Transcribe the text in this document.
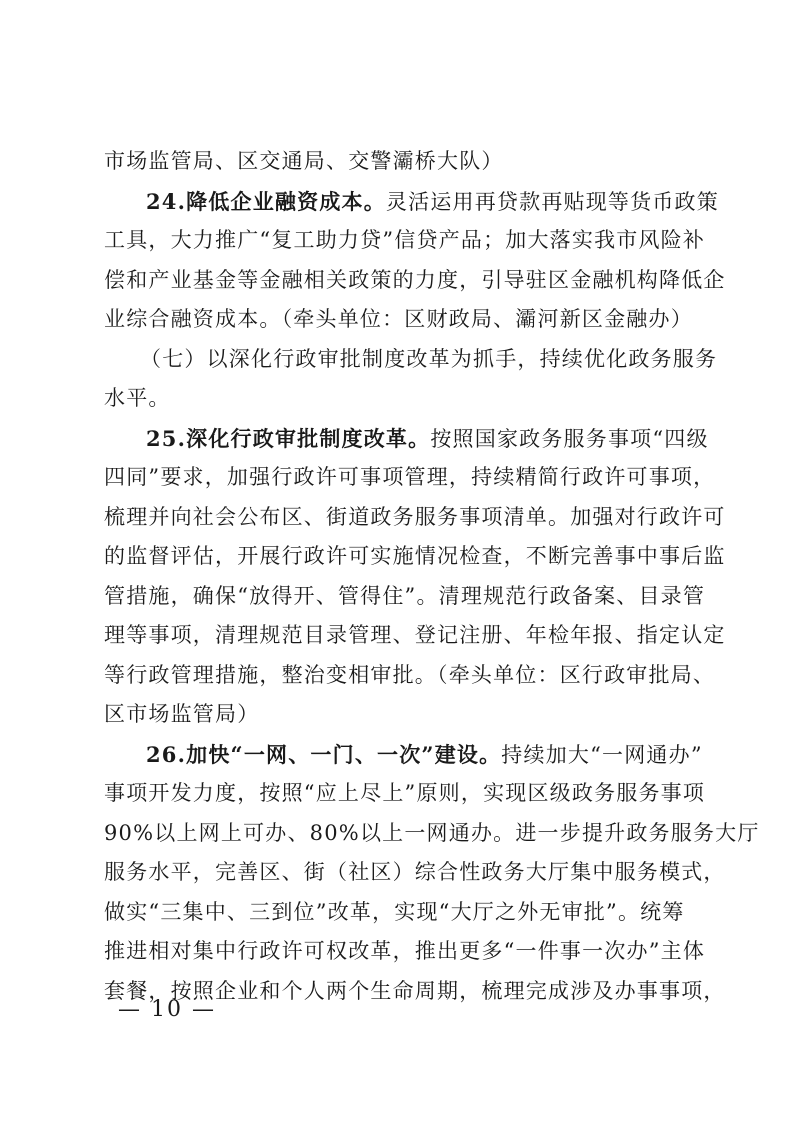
市场监管局、区交通局、交警灞桥大队）
24.降低企业融资成本。灵活运用再贷款再贴现等货币政策
工具，大力推广“复工助力贷”信贷产品；加大落实我市风险补
偿和产业基金等金融相关政策的力度，引导驻区金融机构降低企
业综合融资成本。（牵头单位：区财政局、灞河新区金融办）
（七）以深化行政审批制度改革为抓手，持续优化政务服务
水平。
25.深化行政审批制度改革。按照国家政务服务事项“四级
四同”要求，加强行政许可事项管理，持续精简行政许可事项，
梳理并向社会公布区、街道政务服务事项清单。加强对行政许可
的监督评估，开展行政许可实施情况检查，不断完善事中事后监
管措施，确保“放得开、管得住”。清理规范行政备案、目录管
理等事项，清理规范目录管理、登记注册、年检年报、指定认定
等行政管理措施，整治变相审批。（牵头单位：区行政审批局、
区市场监管局）
26.加快“一网、一门、一次”建设。持续加大“一网通办”
事项开发力度，按照“应上尽上”原则，实现区级政务服务事项
90%以上网上可办、80%以上一网通办。进一步提升政务服务大厅
服务水平，完善区、街（社区）综合性政务大厅集中服务模式，
做实“三集中、三到位”改革，实现“大厅之外无审批”。统筹
推进相对集中行政许可权改革，推出更多“一件事一次办”主体
套餐，按照企业和个人两个生命周期，梳理完成涉及办事事项，
— 10 —
